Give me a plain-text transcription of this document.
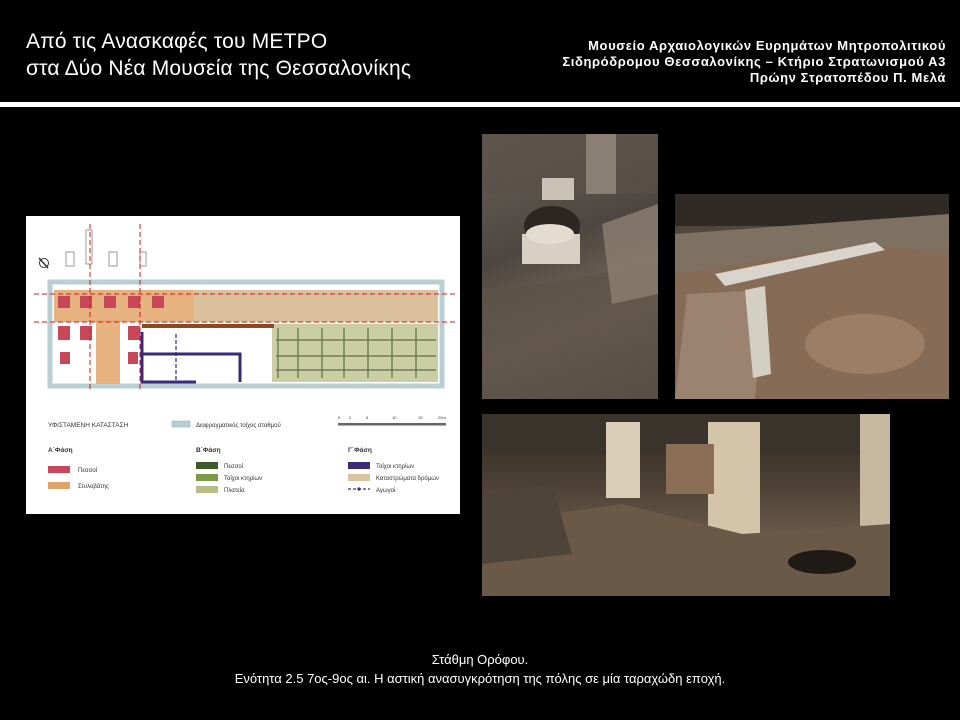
Από τις Ανασκαφές του ΜΕΤΡΟ
στα Δύο Νέα Μουσεία της Θεσσαλονίκης
Μουσείο Αρχαιολογικών Ευρημάτων Μητροπολιτικού
Σιδηρόδρομου Θεσσαλονίκης – Κτήριο Στρατωνισμού Α3
Πρώην Στρατοπέδου Π. Μελά
ΥΦΙΣΤΑΜΕΝΗ ΚΑΤΑΣΤΑΣΗ	Διαφραγματικός τοίχος σταθμού
0 2	5	10	15	20m
Α΄Φάση
Πεσσοί
Στυλοβάτης
Β΄Φάση
Πεσσοί
Τοίχοι κτηρίων
Πλατεία
Γ΄Φάση
Τοίχοι κτηρίων
Καταστρώματα δρόμων
Αγωγοί
Στάθμη Ορόφου.
Ενότητα 2.5 7ος-9ος αι. Η αστική ανασυγκρότηση της πόλης σε μία ταραχώδη εποχή.
